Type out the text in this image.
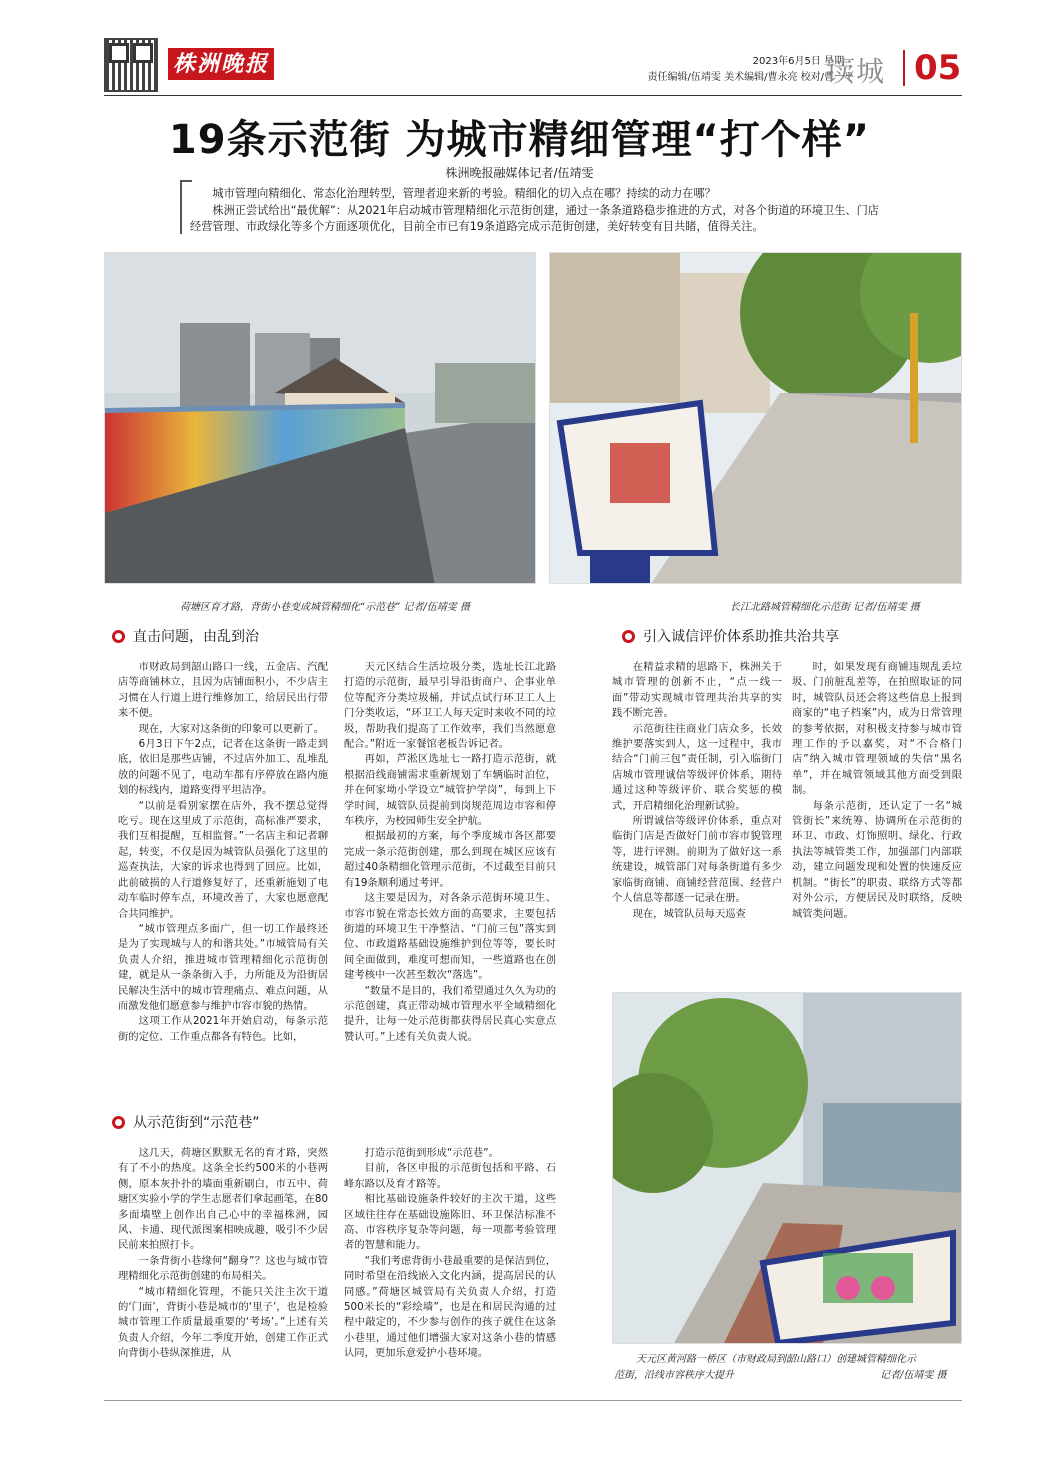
株洲晚报	2023年6月5日 星期一
责任编辑/伍靖雯 美术编辑/曹永亮 校对/曹一平
读城 05
19条示范街 为城市精细管理“打个样”
株洲晚报融媒体记者/伍靖雯

城市管理向精细化、常态化治理转型，管理者迎来新的考验。精细化的切入点在哪？持续的动力在哪？

株洲正尝试给出“最优解”：从2021年启动城市管理精细化示范街创建，通过一条条道路稳步推进的方式，对各个街道的环境卫生、门店经营管理、市政绿化等多个方面逐项优化，目前全市已有19条道路完成示范街创建，美好转变有目共睹，值得关注。

荷塘区育才路，背街小巷变成城管精细化“示范巷” 记者/伍靖雯 摄	长江北路城管精细化示范街 记者/伍靖雯 摄
直击问题，由乱到治	引入诚信评价体系助推共治共享

市财政局到韶山路口一线，五金店、汽配店等商铺林立，且因为店铺面积小，不少店主习惯在人行道上进行维修加工，给居民出行带来不便。

现在，大家对这条街的印象可以更新了。

6月3日下午2点，记者在这条街一路走到底，依旧是那些店铺，不过店外加工、乱堆乱放的问题不见了，电动车都有序停放在路内施划的标线内，道路变得平坦洁净。

“以前是看别家摆在店外，我不摆总觉得吃亏。现在这里成了示范街，高标准严要求，我们互相提醒，互相监督。”一名店主和记者聊起，转变，不仅是因为城管队员强化了这里的巡查执法，大家的诉求也得到了回应。比如，此前破损的人行道修复好了，还重新施划了电动车临时停车点，环境改善了，大家也愿意配合共同维护。

“城市管理点多面广，但一切工作最终还是为了实现城与人的和谐共处。”市城管局有关负责人介绍，推进城市管理精细化示范街创建，就是从一条条街入手，力所能及为沿街居民解决生活中的城市管理痛点、难点问题，从而激发他们愿意参与维护市容市貌的热情。

这项工作从2021年开始启动，每条示范街的定位、工作重点都各有特色。比如，

天元区结合生活垃圾分类，选址长江北路打造的示范街，最早引导沿街商户、企事业单位等配齐分类垃圾桶，并试点试行环卫工人上门分类收运，“环卫工人每天定时来收不同的垃圾，帮助我们提高了工作效率，我们当然愿意配合。”附近一家餐馆老板告诉记者。

再如，芦淞区选址七一路打造示范街，就根据沿线商铺需求重新规划了车辆临时泊位，并在何家坳小学设立“城管护学岗”，每到上下学时间，城管队员提前到岗规范周边市容和停车秩序，为校园师生安全护航。

根据最初的方案，每个季度城市各区都要完成一条示范街创建，那么到现在城区应该有超过40条精细化管理示范街，不过截至目前只有19条顺利通过考评。

这主要是因为，对各条示范街环境卫生、市容市貌在常态长效方面的高要求，主要包括街道的环境卫生干净整洁、“门前三包”落实到位、市政道路基础设施维护到位等等，要长时间全面做到，难度可想而知，一些道路也在创建考核中一次甚至数次“落选”。

“数量不是目的，我们希望通过久久为功的示范创建，真正带动城市管理水平全域精细化提升，让每一处示范街都获得居民真心实意点赞认可。”上述有关负责人说。

在精益求精的思路下，株洲关于城市管理的创新不止，“点一线一面”带动实现城市管理共治共享的实践不断完善。

示范街往往商业门店众多，长效维护要落实到人，这一过程中，我市结合“门前三包”责任制，引入临街门店城市管理诚信等级评价体系，期待通过这种等级评价、联合奖惩的模式，开启精细化治理新试验。

所谓诚信等级评价体系，重点对临街门店是否做好门前市容市貌管理等，进行评测。前期为了做好这一系统建设，城管部门对每条街道有多少家临街商铺、商铺经营范围、经营户个人信息等都逐一记录在册。

现在，城管队员每天巡查

时，如果发现有商铺违规乱丢垃圾、门前脏乱差等，在拍照取证的同时，城管队员还会将这些信息上报到商家的“电子档案”内，成为日常管理的参考依据，对积极支持参与城市管理工作的予以嘉奖，对“不合格门店”纳入城市管理领域的失信“黑名单”，并在城管领域其他方面受到限制。

每条示范街，还认定了一名“城管街长”来统筹、协调所在示范街的环卫、市政、灯饰照明、绿化、行政执法等城管类工作，加强部门内部联动，建立问题发现和处置的快速反应机制。“街长”的职责、联络方式等都对外公示，方便居民及时联络，反映城管类问题。

从示范街到“示范巷”

这几天，荷塘区默默无名的育才路，突然有了不小的热度。这条全长约500米的小巷两侧，原本灰扑扑的墙面重新刷白，市五中、荷塘区实验小学的学生志愿者们拿起画笔，在80多面墙壁上创作出自己心中的幸福株洲，园风、卡通、现代派图案相映成趣，吸引不少居民前来拍照打卡。

一条背街小巷缘何“翻身”？这也与城市管理精细化示范街创建的布局相关。

“城市精细化管理，不能只关注主次干道的‘门面’，背街小巷是城市的‘里子’，也是检验城市管理工作质量最重要的‘考场’。”上述有关负责人介绍，今年二季度开始，创建工作正式向背街小巷纵深推进，从

打造示范街到形成“示范巷”。

目前，各区申报的示范街包括和平路、石峰东路以及育才路等。

相比基础设施条件较好的主次干道，这些区域往往存在基础设施陈旧、环卫保洁标准不高、市容秩序复杂等问题，每一项都考验管理者的智慧和能力。

“我们考虑背街小巷最重要的是保洁到位，同时希望在沿线嵌入文化内涵，提高居民的认同感。”荷塘区城管局有关负责人介绍，打造500米长的“彩绘墙”，也是在和居民沟通的过程中敲定的，不少参与创作的孩子就住在这条小巷里，通过他们增强大家对这条小巷的情感认同，更加乐意爱护小巷环境。

天元区黄河路一桥区（市财政局到韶山路口）创建城管精细化示
范街，沿线市容秩序大提升	记者/伍靖雯 摄
